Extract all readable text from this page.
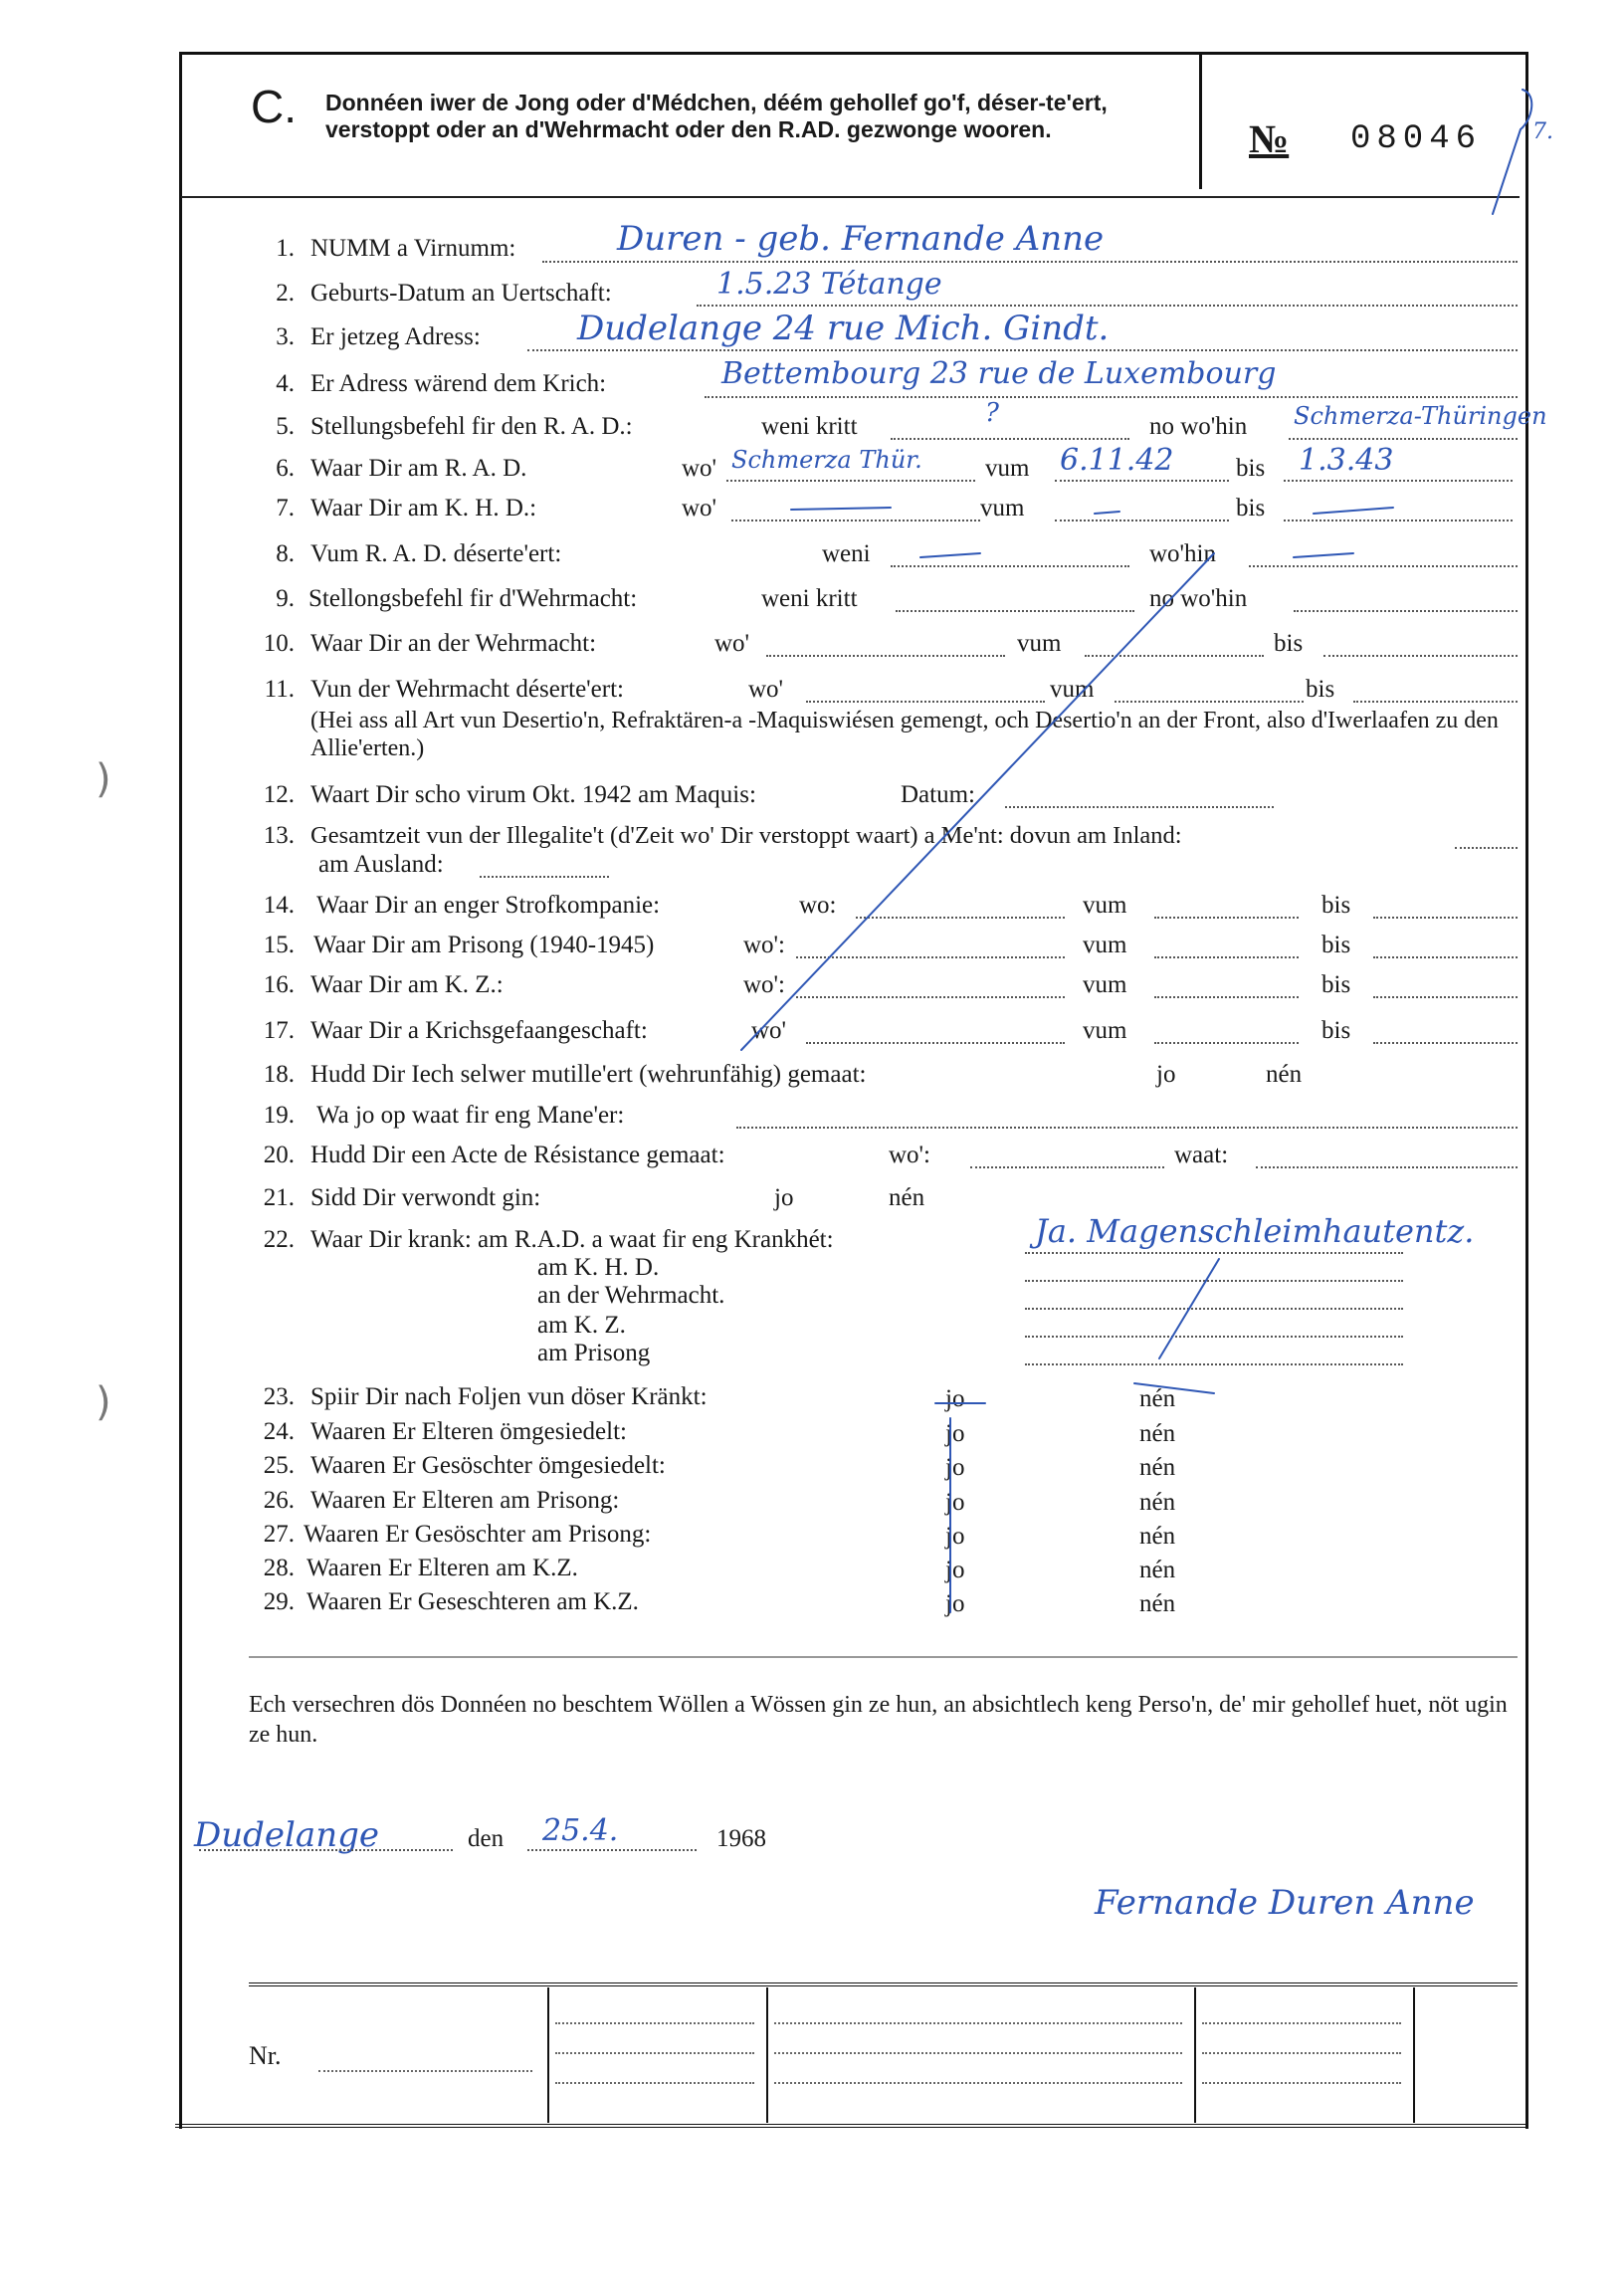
)
)
C. Donnéen iwer de Jong oder d'Médchen, déém gehollef go'f, déser-te'ert, verstoppt oder an d'Wehrmacht oder den R.AD. gezwonge wooren.	№ 08046 7.
1. NUMM a Virnumm:	Duren - geb. Fernande Anne
2. Geburts-Datum an Uertschaft:	1.5.23 Tétange
3. Er jetzeg Adress:	Dudelange 24 rue Mich. Gindt.
4. Er Adress wärend dem Krich:	Bettembourg 23 rue de Luxembourg
5. Stellungsbefehl fir den R. A. D.:	weni kritt	?	no wo'hin Schmerza-Thüringen
6. Waar Dir am R. A. D.	wo' Schmerza Thür.	vum 6.11.42 bis 1.3.43
7. Waar Dir am K. H. D.:	wo'	vum	bis
8. Vum R. A. D. déserte'ert:	weni	wo'hin
9. Stellongsbefehl fir d'Wehrmacht:	weni kritt	no wo'hin
10. Waar Dir an der Wehrmacht:	wo'	vum	bis
11. Vun der Wehrmacht déserte'ert:	wo'	vum	bis
(Hei ass all Art vun Desertio'n, Refraktären-a -Maquiswiésen gemengt, och Desertio'n an der Front, also d'Iwerlaafen zu den Allie'erten.)
12. Waart Dir scho virum Okt. 1942 am Maquis:	Datum:
13. Gesamtzeit vun der Illegalite't (d'Zeit wo' Dir verstoppt waart) a Me'nt: dovun am Inland:
am Ausland:
14. Waar Dir an enger Strofkompanie:	wo:	vum	bis
15. Waar Dir am Prisong (1940-1945)	wo':	vum	bis
16. Waar Dir am K. Z.:	wo':	vum	bis
17. Waar Dir a Krichsgefaangeschaft:	wo'	vum	bis
18. Hudd Dir Iech selwer mutille'ert (wehrunfähig) gemaat:	jo	nén
19. Wa jo op waat fir eng Mane'er:
20. Hudd Dir een Acte de Résistance gemaat:	wo':	waat:
21. Sidd Dir verwondt gin:	jo	nén
22. Waar Dir krank: am R.A.D. a waat fir eng Krankhét:	Ja. Magenschleimhautentz.
am K. H. D.
an der Wehrmacht.
am K. Z.
am Prisong
23. Spiir Dir nach Foljen vun döser Kränkt:	jo	nén
24. Waaren Er Elteren ömgesiedelt:	jo	nén
25. Waaren Er Gesöschter ömgesiedelt:	jo	nén
26. Waaren Er Elteren am Prisong:	jo	nén
27. Waaren Er Gesöschter am Prisong:	jo	nén
28. Waaren Er Elteren am K.Z.	jo	nén
29. Waaren Er Geseschteren am K.Z.	jo	nén
Ech versechren dös Donnéen no beschtem Wöllen a Wössen gin ze hun, an absichtlech keng Perso'n, de' mir gehollef huet, nöt ugin ze hun.
Dudelange	den 25.4.	1968
Fernande Duren Anne
Nr.
